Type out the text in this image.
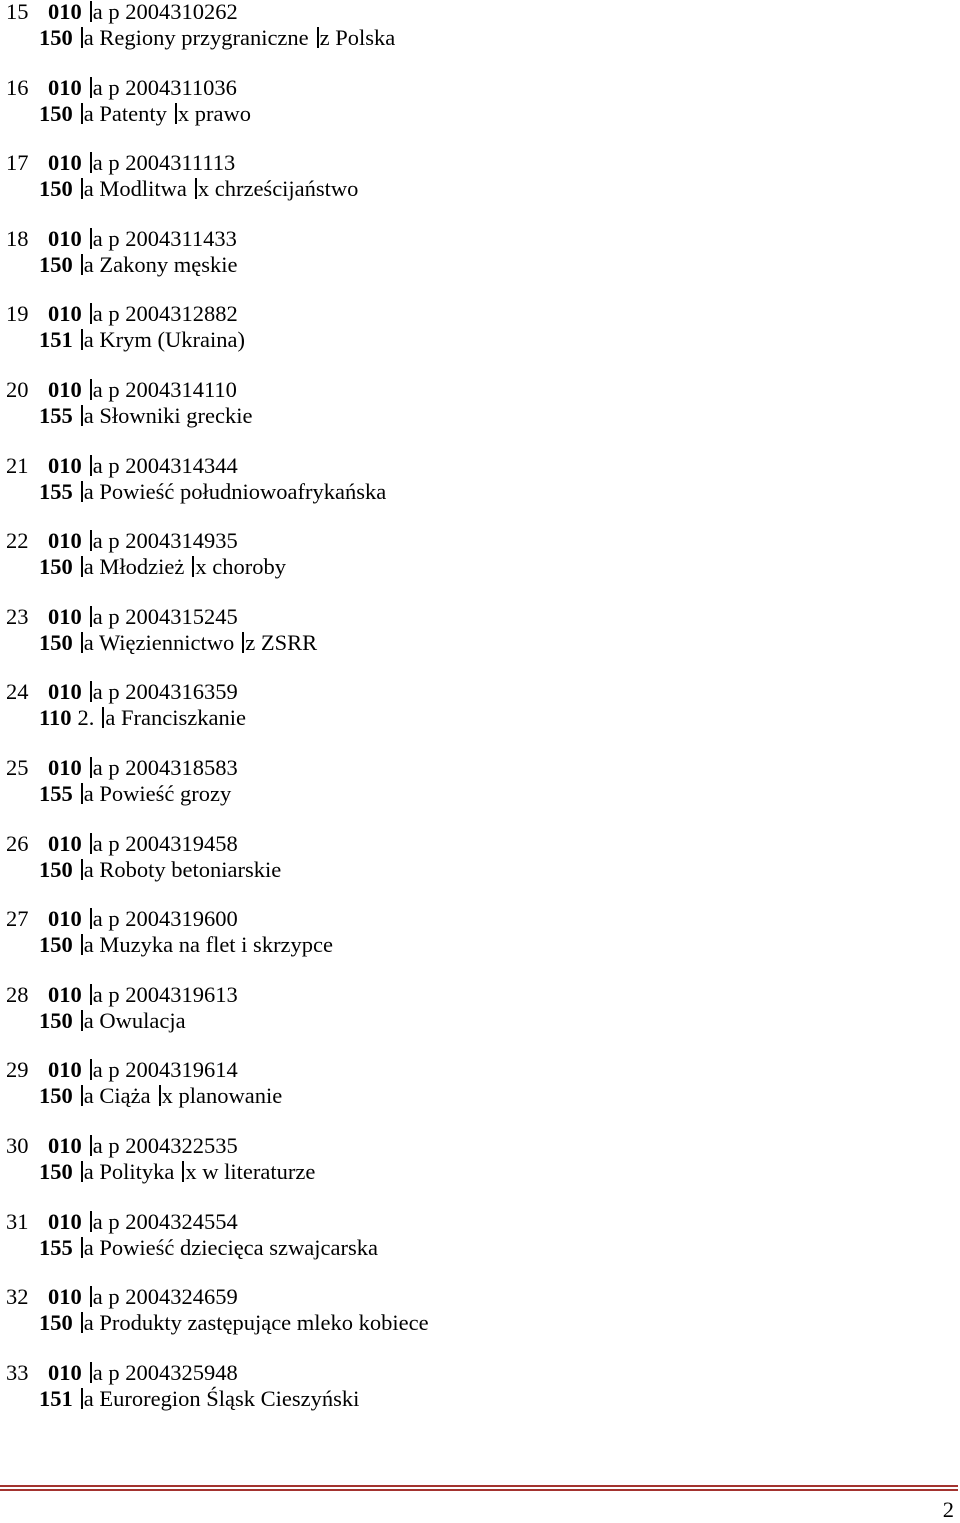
15 010 a p 2004310262
150 a Regiony przygraniczne z Polska
16 010 a p 2004311036
150 a Patenty x prawo
17 010 a p 2004311113
150 a Modlitwa x chrześcijaństwo
18 010 a p 2004311433
150 a Zakony męskie
19 010 a p 2004312882
151 a Krym (Ukraina)
20 010 a p 2004314110
155 a Słowniki greckie
21 010 a p 2004314344
155 a Powieść południowoafrykańska
22 010 a p 2004314935
150 a Młodzież x choroby
23 010 a p 2004315245
150 a Więziennictwo z ZSRR
24 010 a p 2004316359
110 2. a Franciszkanie
25 010 a p 2004318583
155 a Powieść grozy
26 010 a p 2004319458
150 a Roboty betoniarskie
27 010 a p 2004319600
150 a Muzyka na flet i skrzypce
28 010 a p 2004319613
150 a Owulacja
29 010 a p 2004319614
150 a Ciąża x planowanie
30 010 a p 2004322535
150 a Polityka x w literaturze
31 010 a p 2004324554
155 a Powieść dziecięca szwajcarska
32 010 a p 2004324659
150 a Produkty zastępujące mleko kobiece
33 010 a p 2004325948
151 a Euroregion Śląsk Cieszyński
2
